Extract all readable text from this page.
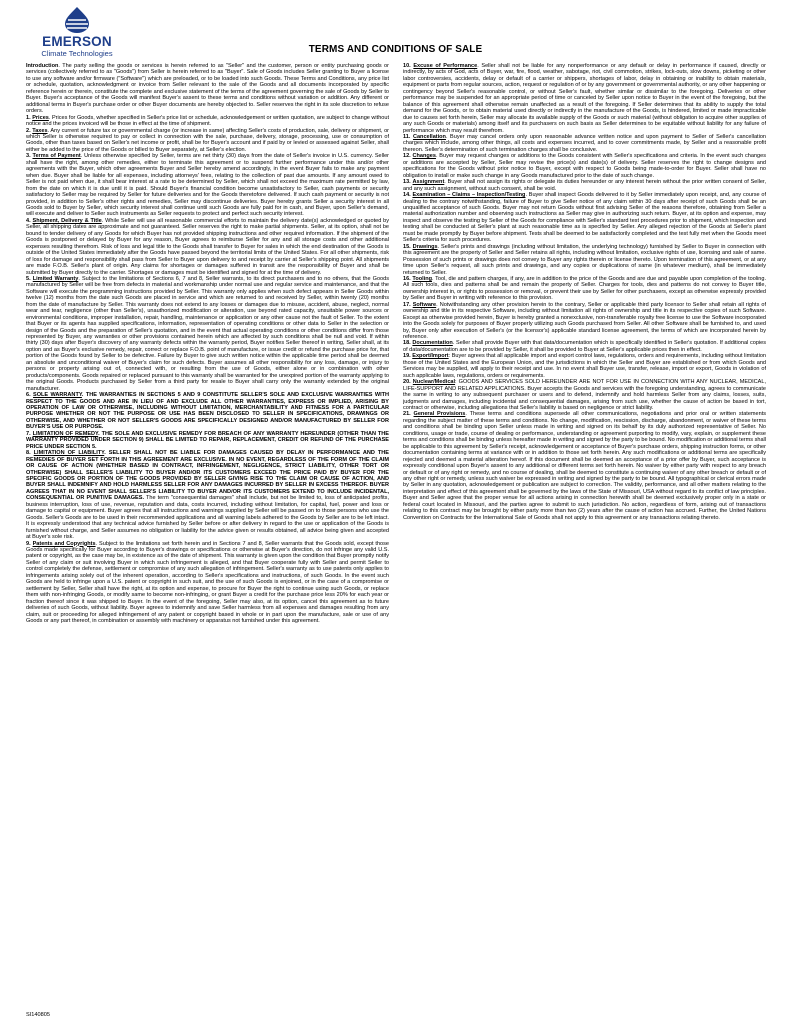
EMERSON
Climate Technologies	TERMS AND CONDITIONS OF SALE

Introduction. The party selling the goods or services is herein referred to as "Seller" and the customer, person or entity purchasing goods or services (collectively referred to as "Goods") from Seller is herein referred to as "Buyer". Sale of Goods includes Seller granting to Buyer a license to use any software and/or firmware ("Software") which are preloaded, or to be loaded into such Goods. These Terms and Conditions, any price list or schedule, quotation, acknowledgment or invoice from Seller relevant to the sale of the Goods and all documents incorporated by specific reference herein or therein, constitute the complete and exclusive statement of the terms of the agreement governing the sale of Goods by Seller to Buyer. Buyer's acceptance of the Goods will manifest Buyer's assent to these terms and conditions without variation or addition. Any different or additional terms in Buyer's purchase order or other Buyer documents are hereby objected to. Seller reserves the right in its sole discretion to refuse orders.

1. Prices. Prices for Goods, whether specified in Seller's price list or schedule, acknowledgement or written quotation, are subject to change without notice and the prices invoiced will be those in effect at the time of shipment.

2. Taxes. Any current or future tax or governmental charge (or increase in same) affecting Seller's costs of production, sale, delivery or shipment, or which Seller is otherwise required to pay or collect in connection with the sale, purchase, delivery, storage, processing, use or consumption of Goods, other than taxes based on Seller's net income or profit, shall be for Buyer's account and if paid by or levied or assessed against Seller, shall either be added to the price of the Goods or billed to Buyer separately, at Seller's election.

3. Terms of Payment. Unless otherwise specified by Seller, terms are net thirty (30) days from the date of Seller's invoice in U.S. currency. Seller shall have the right, among other remedies, either to terminate this agreement or to suspend further performance under this and/or other agreements with the Buyer, which other agreements Buyer and Seller hereby amend accordingly, in the event Buyer fails to make any payment when due. Buyer shall be liable for all expenses, including attorneys' fees, relating to the collection of past due amounts. If any amount owed to Seller is not paid when due, it shall bear interest at a rate to be determined by Seller, which shall not exceed the maximum rate permitted by law, from the date on which it is due until it is paid. Should Buyer's financial condition become unsatisfactory to Seller, cash payments or security satisfactory to Seller may be required by Seller for future deliveries and for the Goods theretofore delivered. If such cash payment or security is not provided, in addition to Seller's other rights and remedies, Seller may discontinue deliveries. Buyer hereby grants Seller a security interest in all Goods sold to Buyer by Seller, which security interest shall continue until such Goods are fully paid for in cash, and Buyer, upon Seller's demand, will execute and deliver to Seller such instruments as Seller requests to protect and perfect such security interest.

4. Shipment, Delivery & Title. While Seller will use all reasonable commercial efforts to maintain the delivery date(s) acknowledged or quoted by Seller, all shipping dates are approximate and not guaranteed. Seller reserves the right to make partial shipments. Seller, at its option, shall not be bound to tender delivery of any Goods for which Buyer has not provided shipping instructions and other required information. If the shipment of the Goods is postponed or delayed by Buyer for any reason, Buyer agrees to reimburse Seller for any and all storage costs and other additional expenses resulting therefrom. Risk of loss and legal title to the Goods shall transfer to Buyer for sales in which the end destination of the Goods is outside of the United States immediately after the Goods have passed beyond the territorial limits of the United States. For all other shipments, risk of loss for damage and responsibility shall pass from Seller to Buyer upon delivery to and receipt by carrier at Seller's shipping point. All shipments are made F.O.B. Seller's plant of origin. Any claims for shortages or damages suffered in transit are the responsibility of Buyer and shall be submitted by Buyer directly to the carrier. Shortages or damages must be identified and signed for at the time of delivery.

5. Limited Warranty. Subject to the limitations of Sections 6, 7 and 8, Seller warrants, to its direct purchasers and to no others, that the Goods manufactured by Seller will be free from defects in material and workmanship under normal use and regular service and maintenance, and that the Software will execute the programming instructions provided by Seller. This warranty only applies when such defect appears in Seller Goods within twelve (12) months from the date such Goods are placed in service and which are returned to and received by Seller, within twenty (20) months from the date of manufacture by Seller. This warranty does not extend to any losses or damages due to misuse, accident, abuse, neglect, normal wear and tear, negligence (other than Seller's), unauthorized modification or alteration, use beyond rated capacity, unsuitable power sources or environmental conditions, improper installation, repair, handling, maintenance or application or any other cause not the fault of Seller. To the extent that Buyer or its agents has supplied specifications, information, representation of operating conditions or other data to Seller in the selection or design of the Goods and the preparation of Seller's quotation, and in the event that actual operating conditions or other conditions differ from those represented by Buyer, any warranties or other provisions contained herein which are affected by such conditions shall be null and void. If within thirty (30) days after Buyer's discovery of any warranty defects within the warranty period, Buyer notifies Seller thereof in writing, Seller shall, at its option and as Buyer's exclusive remedy, repair, correct or replace F.O.B. point of manufacture, or issue credit or refund the purchase price for, that portion of the Goods found by Seller to be defective. Failure by Buyer to give such written notice within the applicable time period shall be deemed an absolute and unconditional waiver of Buyer's claim for such defects. Buyer assumes all other responsibility for any loss, damage, or injury to persons or property arising out of, connected with, or resulting from the use of Goods, either alone or in combination with other products/components. Goods repaired or replaced pursuant to this warranty shall be warranted for the unexpired portion of the warranty applying to the original Goods. Products purchased by Seller from a third party for resale to Buyer shall carry only the warranty extended by the original manufacturer.

6. SOLE WARRANTY. THE WARRANTIES IN SECTIONS 5 AND 9 CONSTITUTE SELLER'S SOLE AND EXCLUSIVE WARRANTIES WITH RESPECT TO THE GOODS AND ARE IN LIEU OF AND EXCLUDE ALL OTHER WARRANTIES, EXPRESS OR IMPLIED, ARISING BY OPERATION OF LAW OR OTHERWISE, INCLUDING WITHOUT LIMITATION, MERCHANTABILITY AND FITNESS FOR A PARTICULAR PURPOSE WHETHER OR NOT THE PURPOSE OR USE HAS BEEN DISCLOSED TO SELLER IN SPECIFICATIONS, DRAWINGS OR OTHERWISE, AND WHETHER OR NOT SELLER'S GOODS ARE SPECIFICALLY DESIGNED AND/OR MANUFACTURED BY SELLER FOR BUYER'S USE OR PURPOSE.

7. LIMITATION OF REMEDY. THE SOLE AND EXCLUSIVE REMEDY FOR BREACH OF ANY WARRANTY HEREUNDER (OTHER THAN THE WARRANTY PROVIDED UNDER SECTION 9) SHALL BE LIMITED TO REPAIR, REPLACEMENT, CREDIT OR REFUND OF THE PURCHASE PRICE UNDER SECTION 5.

8. LIMITATION OF LIABILITY. SELLER SHALL NOT BE LIABLE FOR DAMAGES CAUSED BY DELAY IN PERFORMANCE AND THE REMEDIES OF BUYER SET FORTH IN THIS AGREEMENT ARE EXCLUSIVE. IN NO EVENT, REGARDLESS OF THE FORM OF THE CLAIM OR CAUSE OF ACTION (WHETHER BASED IN CONTRACT, INFRINGEMENT, NEGLIGENCE, STRICT LIABILITY, OTHER TORT OR OTHERWISE) SHALL SELLER'S LIABILITY TO BUYER AND/OR ITS CUSTOMERS EXCEED THE PRICE PAID BY BUYER FOR THE SPECIFIC GOODS OR PORTION OF THE GOODS PROVIDED BY SELLER GIVING RISE TO THE CLAIM OR CAUSE OF ACTION, AND BUYER SHALL INDEMNIFY AND HOLD HARMLESS SELLER FOR ANY DAMAGES INCURRED BY SELLER IN EXCESS THEREOF. BUYER AGREES THAT IN NO EVENT SHALL SELLER'S LIABILITY TO BUYER AND/OR ITS CUSTOMERS EXTEND TO INCLUDE INCIDENTAL, CONSEQUENTIAL OR PUNITIVE DAMAGES. The term "consequential damages" shall include, but not be limited to, loss of anticipated profits, business interruption, loss of use, revenue, reputation and data, costs incurred, including without limitation, for capital, fuel, power and loss or damage to capital or equipment. Buyer agrees that all instructions and warnings supplied by Seller will be passed on to those persons who use the Goods. Seller's Goods are to be used in their recommended applications and all warning labels adhered to the Goods by Seller are to be left intact. It is expressly understood that any technical advice furnished by Seller before or after delivery in regard to the use or application of the Goods is furnished without charge, and Seller assumes no obligation or liability for the advice given or results obtained, all advice being given and accepted at Buyer's sole risk.

9. Patents and Copyrights. Subject to the limitations set forth herein and in Sections 7 and 8, Seller warrants that the Goods sold, except those Goods made specifically for Buyer according to Buyer's drawings or specifications or otherwise at Buyer's direction, do not infringe any valid U.S. patent or copyright, as the case may be, in existence as of the date of shipment. This warranty is given upon the condition that Buyer promptly notify Seller of any claim or suit involving Buyer in which such infringement is alleged, and that Buyer cooperate fully with Seller and permit Seller to control completely the defense, settlement or compromise of any such allegation of infringement. Seller's warranty as to use patents only applies to infringements arising solely out of the inherent operation, according to Seller's specifications and instructions, of such Goods. In the event such Goods are held to infringe upon a U.S. patent or copyright in such suit, and the use of such Goods is enjoined, or in the case of a compromise or settlement by Seller, Seller shall have the right, at its option and expense, to procure for Buyer the right to continue using such Goods, or replace them with non-infringing Goods, or modify same to become non-infringing, or grant Buyer a credit for the purchase price less 20% for each year or fraction thereof since it was shipped to Buyer. In the event of the foregoing, Seller may also, at its option, cancel this agreement as to future deliveries of such Goods, without liability. Buyer agrees to indemnify and save Seller harmless from all expenses and damages resulting from any claim, suit or proceeding for alleged infringement of any patent or copyright based in whole or in part upon the manufacture, sale or use of any Goods or any part thereof, in combination or assembly with machinery or apparatus not furnished under this agreement.

10. Excuse of Performance. Seller shall not be liable for any nonperformance or any default or delay in performance if caused, directly or indirectly, by acts of God, acts of Buyer, war, fire, flood, weather, sabotage, riot, civil commotion, strikes, lock-outs, slow downs, picketing or other labor controversies, accidents, delay or default of a carrier or shippers, shortages of labor, delay in obtaining or inability to obtain materials, equipment or parts from regular sources, action, request or regulation of or by any government or governmental authority, or any other happening or contingency beyond Seller's reasonable control, or without Seller's fault, whether similar or dissimilar to the foregoing. Deliveries or other performance may be suspended for an appropriate period of time or canceled by Seller upon notice to Buyer in the event of the foregoing, but the balance of this agreement shall otherwise remain unaffected as a result of the foregoing. If Seller determines that its ability to supply the total demand for the Goods, or to obtain material used directly or indirectly in the manufacture of the Goods, is hindered, limited or made impracticable due to causes set forth herein, Seller may allocate its available supply of the Goods or such material (without obligation to acquire other supplies of any such Goods or materials) among itself and its purchasers on such basis as Seller determines to be equitable without liability for any failure of performance which may result therefrom.

11. Cancellation. Buyer may cancel orders only upon reasonable advance written notice and upon payment to Seller of Seller's cancellation charges which include, among other things, all costs and expenses incurred, and to cover commitments made, by Seller and a reasonable profit thereon. Seller's determination of such termination charges shall be conclusive.

12. Changes. Buyer may request changes or additions to the Goods consistent with Seller's specifications and criteria. In the event such changes or additions are accepted by Seller, Seller may revise the price(s) and date(s) of delivery. Seller reserves the right to change designs and specifications for the Goods without prior notice to Buyer, except with respect to Goods being made-to-order for Buyer. Seller shall have no obligation to install or make such change in any Goods manufactured prior to the date of such change.

13. Assignment. Buyer shall not assign its rights or delegate its duties hereunder or any interest herein without the prior written consent of Seller, and any such assignment, without such consent, shall be void.

14. Examination – Claims – Inspection/Testing. Buyer shall inspect Goods delivered to it by Seller immediately upon receipt, and, any course of dealing to the contrary notwithstanding, failure of Buyer to give Seller notice of any claim within 30 days after receipt of such Goods shall be an unqualified acceptance of such Goods. Buyer may not return Goods without first advising Seller of the reasons therefore, obtaining from Seller a material authorization number and observing such instructions as Seller may give in authorizing such return. Buyer, at its option and expense, may inspect and observe the testing by Seller of the Goods for compliance with Seller's standard test procedures prior to shipment, which inspection and testing shall be conducted at Seller's plant at such reasonable time as is specified by Seller. Any alleged rejection of the Goods at Seller's plant must be made promptly by Buyer before shipment. Tests shall be deemed to be satisfactorily completed and the test fully met when the Goods meet Seller's criteria for such procedures.

15. Drawings. Seller's prints and drawings (including without limitation, the underlying technology) furnished by Seller to Buyer in connection with this agreement are the property of Seller and Seller retains all rights, including without limitation, exclusive rights of use, licensing and sale of same. Possession of such prints or drawings does not convey to Buyer any rights therein or license thereto. Upon termination of this agreement, or at any time upon Seller's request, all such prints and drawings, and any copies or duplications of same (in whatever medium), shall be immediately returned to Seller.

16. Tooling. Tool, die and pattern charges, if any, are in addition to the price of the Goods and are due and payable upon completion of the tooling. All such tools, dies and patterns shall be and remain the property of Seller. Charges for tools, dies and patterns do not convey to Buyer title, ownership interest in, or rights to possession or removal, or prevent their use by Seller for other purchasers, except as otherwise expressly provided by Seller and Buyer in writing with reference to this provision.

17. Software. Notwithstanding any other provision herein to the contrary, Seller or applicable third party licensor to Seller shall retain all rights of ownership and title in its respective Software, including without limitation all rights of ownership and title in its respective copies of such Software. Except as otherwise provided herein, Buyer is hereby granted a nonexclusive, non-transferable royalty free license to use the Software incorporated into the Goods solely for purposes of Buyer properly utilizing such Goods purchased from Seller. All other Software shall be furnished to, and used by, Buyer only after execution of Seller's (or the licensor's) applicable standard license agreement, the terms of which are incorporated herein by reference.

18. Documentation. Seller shall provide Buyer with that data/documentation which is specifically identified in Seller's quotation. If additional copies of data/documentation are to be provided by Seller, it shall be provided to Buyer at Seller's applicable prices then in effect.

19. Export/Import: Buyer agrees that all applicable import and export control laws, regulations, orders and requirements, including without limitation those of the United States and the European Union, and the jurisdictions in which the Seller and Buyer are established or from which Goods and Services may be supplied, will apply to their receipt and use. In no event shall Buyer use, transfer, release, import or export, Goods in violation of such applicable laws, regulations, orders or requirements.

20. Nuclear/Medical: GOODS AND SERVICES SOLD HEREUNDER ARE NOT FOR USE IN CONNECTION WITH ANY NUCLEAR, MEDICAL, LIFE-SUPPORT AND RELATED APPLICATIONS. Buyer accepts the Goods and services with the foregoing understanding, agrees to communicate the same in writing to any subsequent purchaser or users and to defend, indemnify and hold harmless Seller from any claims, losses, suits, judgments and damages, including incidental and consequential damages, arising from such use, whether the cause of action be based in tort, contract or otherwise, including allegations that Seller's liability is based on negligence or strict liability.

21. General Provisions. These terms and conditions supersede all other communications, negotiations and prior oral or written statements regarding the subject matter of these terms and conditions. No change, modification, rescission, discharge, abandonment, or waiver of these terms and conditions shall be binding upon Seller unless made in writing and signed on its behalf by its duly authorized representative of Seller. No conditions, usage or trade, course of dealing or performance, understanding or agreement purporting to modify, vary, explain, or supplement these terms and conditions shall be binding unless hereafter made in writing and signed by the party to be bound. No modification or additional terms shall be applicable to this agreement by Seller's receipt, acknowledgement or acceptance of Buyer's purchase orders, shipping instruction forms, or other documentation containing terms at variance with or in addition to those set forth herein. Any such modifications or additional terms are specifically rejected and deemed a material alteration hereof. If this document shall be deemed an acceptance of a prior offer by Buyer, such acceptance is expressly conditional upon Buyer's assent to any additional or different terms set forth herein. No waiver by either party with respect to any breach or default or of any right or remedy, and no course of dealing, shall be deemed to constitute a continuing waiver of any other breach or default or of any other right or remedy, unless such waiver be expressed in writing and signed by the party to be bound. All typographical or clerical errors made by Seller in any quotation, acknowledgement or publication are subject to correction. The validity, performance, and all other matters relating to the interpretation and effect of this agreement shall be governed by the laws of the State of Missouri, USA without regard to its conflict of law principles. Buyer and Seller agree that the proper venue for all actions arising in connection herewith shall be deemed exclusively proper only in a state or federal court located in Missouri, and the parties agree to submit to such jurisdiction. No action, regardless of form, arising out of transactions relating to this contract may be brought by either party more than two (2) years after the cause of action has accrued. Further, the United Nations Convention on Contracts for the International Sale of Goods shall not apply to this agreement or any transactions relating thereto.

SI140805
